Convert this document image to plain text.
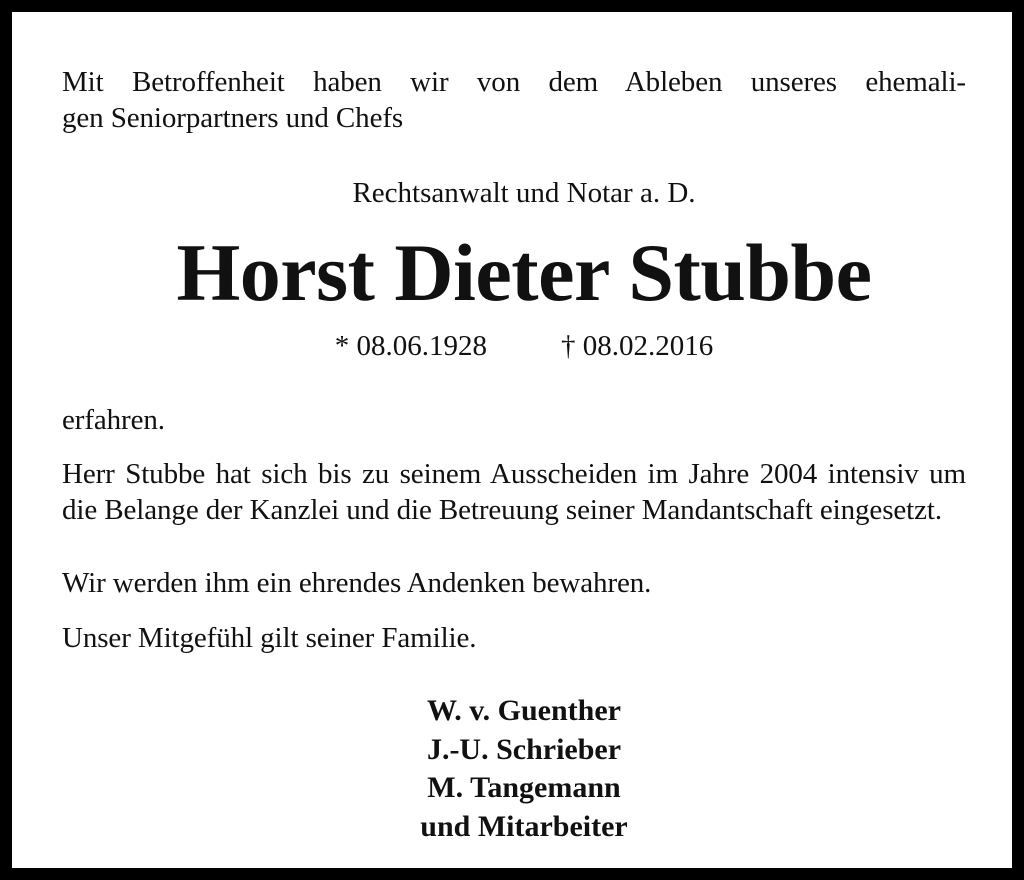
Mit Betroffenheit haben wir von dem Ableben unseres ehemali-
gen Seniorpartners und Chefs
Rechtsanwalt und Notar a. D.
Horst Dieter Stubbe
* 08.06.1928	† 08.02.2016
erfahren.
Herr Stubbe hat sich bis zu seinem Ausscheiden im Jahre 2004 intensiv um die Belange der Kanzlei und die Betreuung seiner Mandantschaft eingesetzt.
Wir werden ihm ein ehrendes Andenken bewahren.
Unser Mitgefühl gilt seiner Familie.
W. v. Guenther
J.-U. Schrieber
M. Tangemann
und Mitarbeiter
